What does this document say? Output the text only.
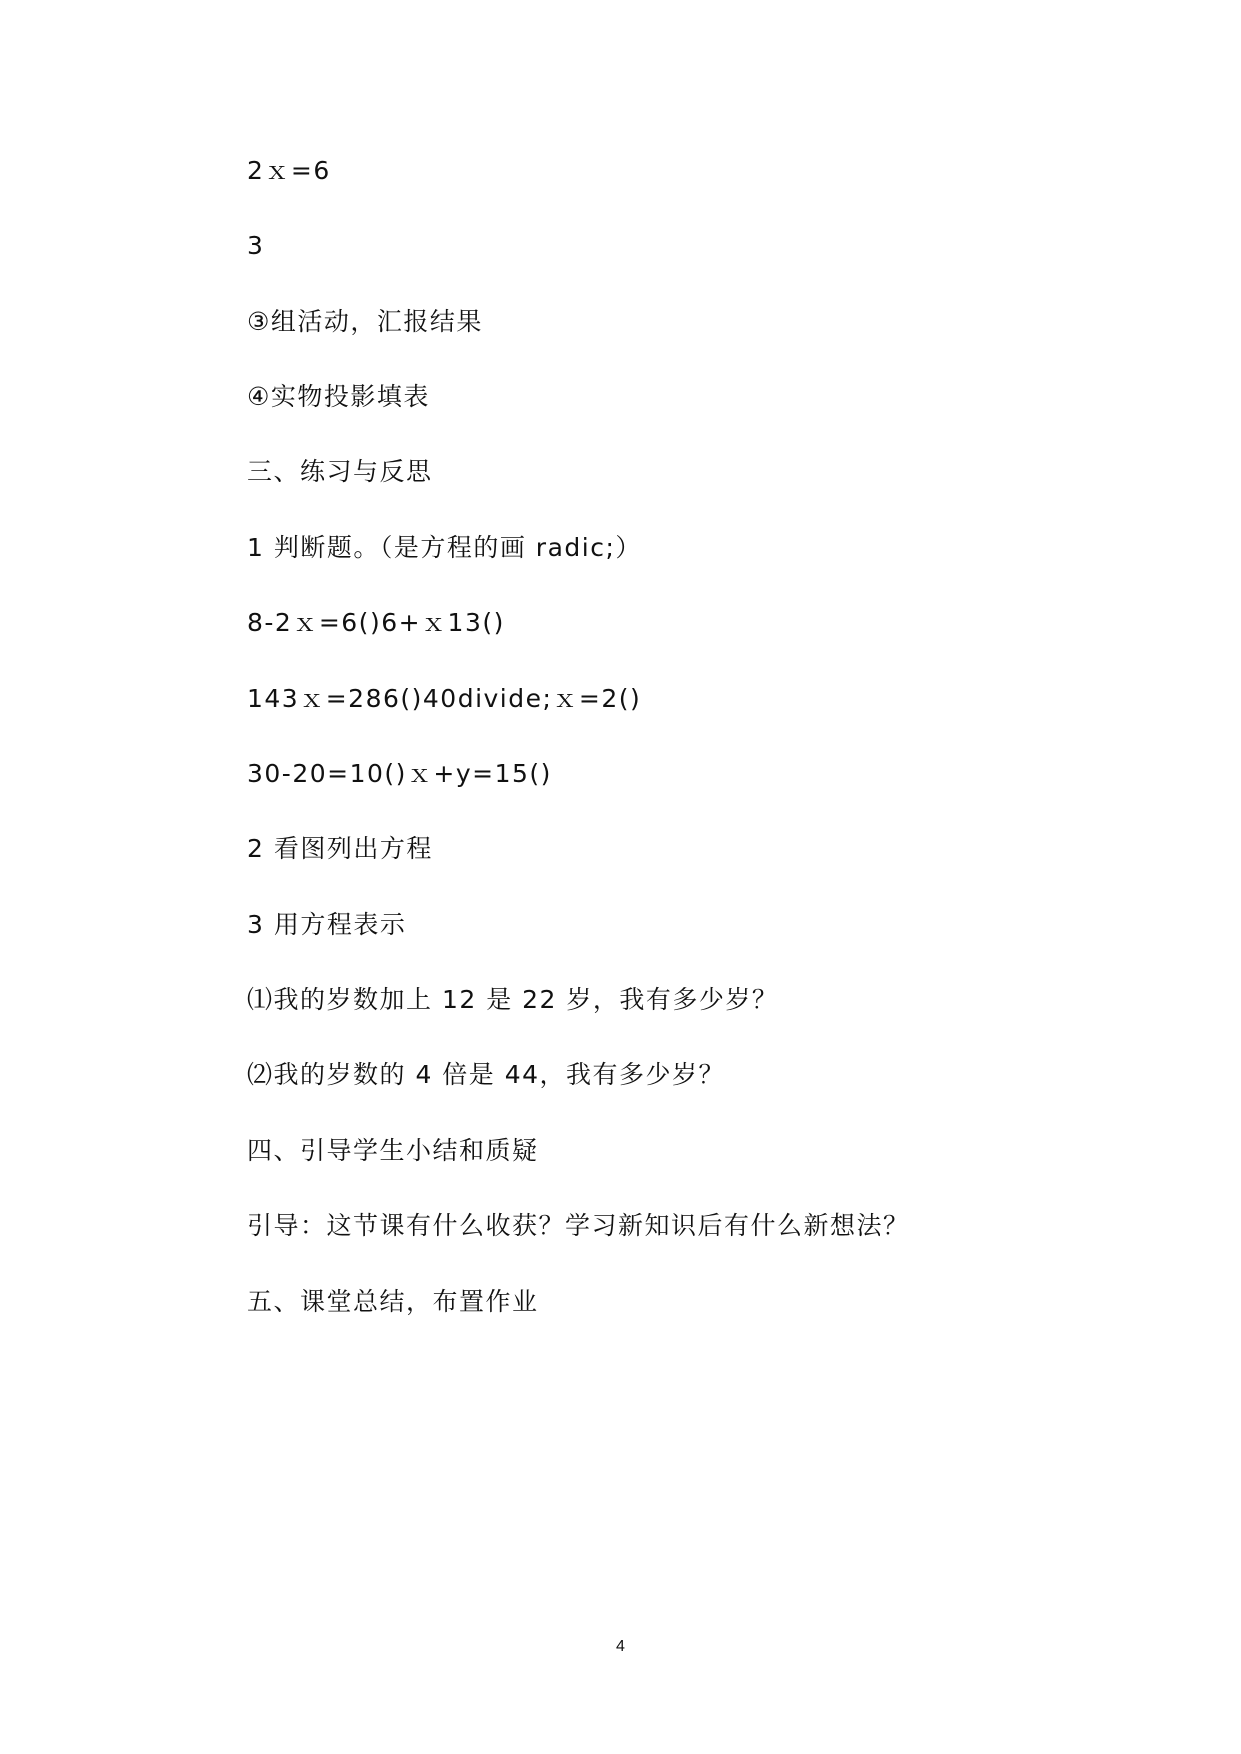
2ｘ=6
3
③组活动，汇报结果
④实物投影填表
三、练习与反思
1 判断题。（是方程的画 radic;）
8-2ｘ=6()6+ｘ13()
143ｘ=286()40divide;ｘ=2()
30-20=10()ｘ+y=15()
2 看图列出方程
3 用方程表示
⑴我的岁数加上 12 是 22 岁，我有多少岁？
⑵我的岁数的 4 倍是 44，我有多少岁？
四、引导学生小结和质疑
引导：这节课有什么收获？学习新知识后有什么新想法？
五、课堂总结，布置作业
4
